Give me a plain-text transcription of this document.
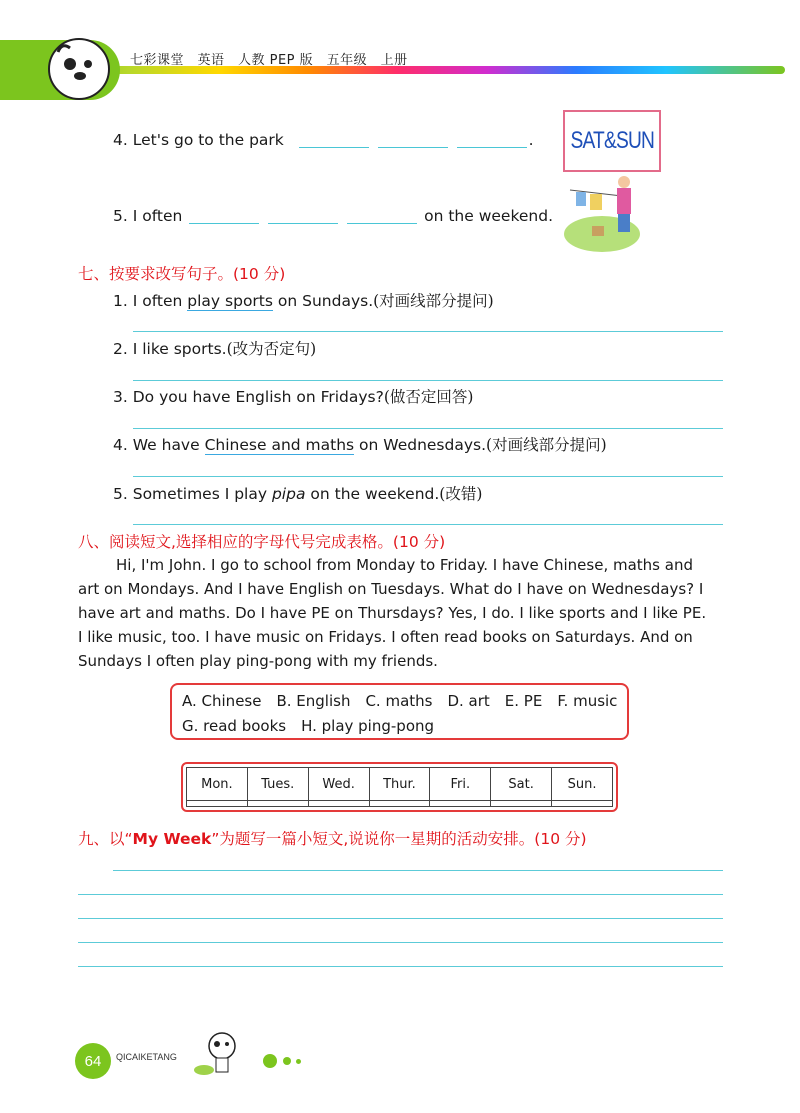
七彩课堂　英语　人教 PEP 版　五年级　上册
4. Let's go to the park	. SAT&SUN
5. I often	on the weekend.
七、按要求改写句子。(10 分)
1. I often play sports on Sundays.(对画线部分提问)
2. I like sports.(改为否定句)
3. Do you have English on Fridays?(做否定回答)
4. We have Chinese and maths on Wednesdays.(对画线部分提问)
5. Sometimes I play pipa on the weekend.(改错)
八、阅读短文,选择相应的字母代号完成表格。(10 分)
Hi, I'm John. I go to school from Monday to Friday. I have Chinese, maths and
art on Mondays. And I have English on Tuesdays. What do I have on Wednesdays? I
have art and maths. Do I have PE on Thursdays? Yes, I do. I like sports and I like PE.
I like music, too. I have music on Fridays. I often read books on Saturdays. And on
Sundays I often play ping-pong with my friends.
A. Chinese　B. English　C. maths　D. art　E. PE　F. music
G. read books　H. play ping-pong
Mon.	Tues.	Wed.	Thur.	Fri.	Sat.	Sun.

九、以“My Week”为题写一篇小短文,说说你一星期的活动安排。(10 分)
64	QICAIKETANG
